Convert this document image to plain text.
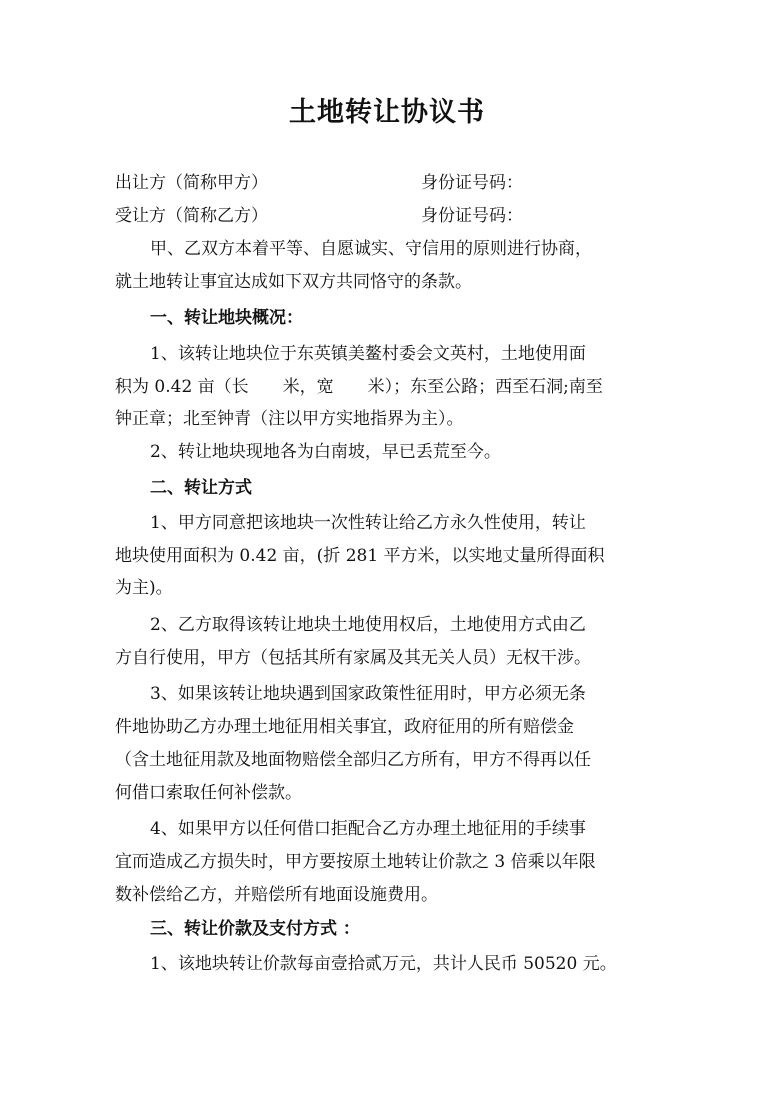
土地转让协议书
出让方（简称甲方）	身份证号码：
受让方（简称乙方）	身份证号码：
甲、乙双方本着平等、自愿诚实、守信用的原则进行协商，
就土地转让事宜达成如下双方共同恪守的条款。
一、转让地块概况：
1、该转让地块位于东英镇美鳌村委会文英村，土地使用面
积为 0.42 亩（长　　米，宽　　米）；东至公路；西至石洞;南至
钟正章；北至钟青（注以甲方实地指界为主）。
2、转让地块现地各为白南坡，早已丢荒至今。
二、转让方式
1、甲方同意把该地块一次性转让给乙方永久性使用，转让
地块使用面积为 0.42 亩，(折 281 平方米，以实地丈量所得面积
为主)。
2、乙方取得该转让地块土地使用权后，土地使用方式由乙
方自行使用，甲方（包括其所有家属及其无关人员）无权干涉。
3、如果该转让地块遇到国家政策性征用时，甲方必须无条
件地协助乙方办理土地征用相关事宜，政府征用的所有赔偿金
（含土地征用款及地面物赔偿全部归乙方所有，甲方不得再以任
何借口索取任何补偿款。
4、如果甲方以任何借口拒配合乙方办理土地征用的手续事
宜而造成乙方损失时，甲方要按原土地转让价款之 3 倍乘以年限
数补偿给乙方，并赔偿所有地面设施费用。
三、转让价款及支付方式 ：
1、该地块转让价款每亩壹拾贰万元，共计人民币 50520 元。
